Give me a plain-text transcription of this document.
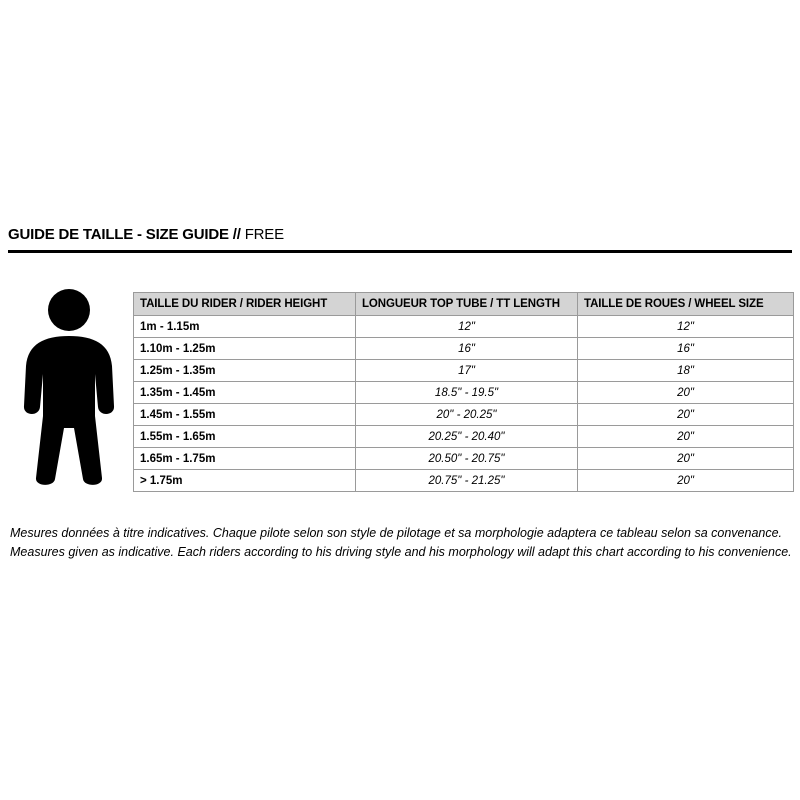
GUIDE DE TAILLE - SIZE GUIDE // FREE
TAILLE DU RIDER / RIDER HEIGHT	LONGUEUR TOP TUBE / TT LENGTH	TAILLE DE ROUES / WHEEL SIZE
1m - 1.15m	12"	12"
1.10m - 1.25m	16"	16"
1.25m - 1.35m	17"	18"
1.35m - 1.45m	18.5" - 19.5"	20"
1.45m - 1.55m	20" - 20.25"	20"
1.55m - 1.65m	20.25" - 20.40"	20"
1.65m - 1.75m	20.50" - 20.75"	20"
> 1.75m	20.75" - 21.25"	20"
Mesures données à titre indicatives. Chaque pilote selon son style de pilotage et sa morphologie adaptera ce tableau selon sa convenance.
Measures given as indicative. Each riders according to his driving style and his morphology will adapt this chart according to his convenience.
